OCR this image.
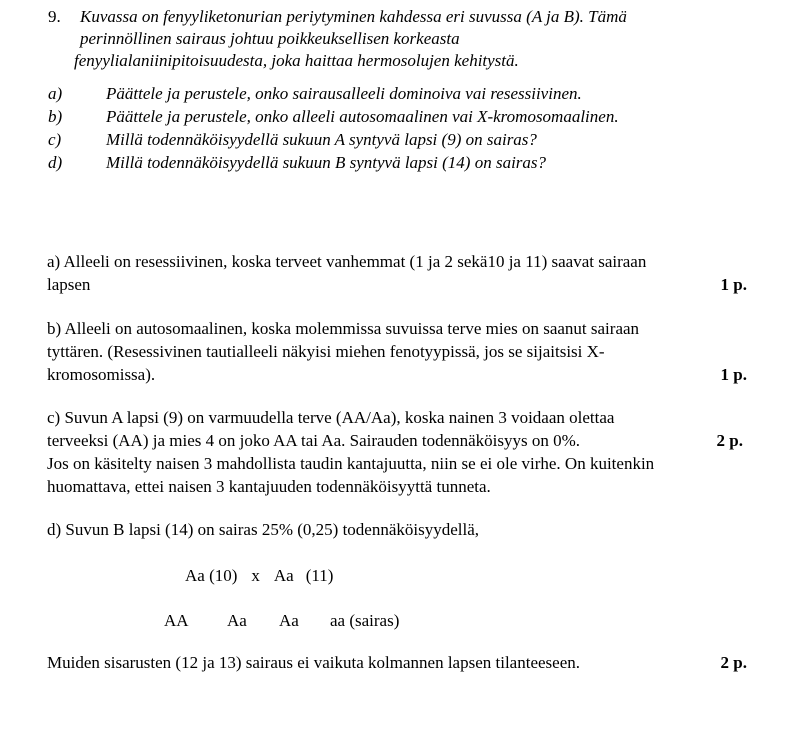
9.	Kuvassa on fenyyliketonurian periytyminen kahdessa eri suvussa (A ja B). Tämä
perinnöllinen sairaus johtuu poikkeuksellisen korkeasta
fenyylialaniinipitoisuudesta, joka haittaa hermosolujen kehitystä.
a)	Päättele ja perustele, onko sairausalleeli dominoiva vai resessiivinen.
b)	Päättele ja perustele, onko alleeli autosomaalinen vai X-kromosomaalinen.
c)	Millä todennäköisyydellä sukuun A syntyvä lapsi (9) on sairas?
d)	Millä todennäköisyydellä sukuun B syntyvä lapsi (14) on sairas?
a) Alleeli on resessiivinen, koska terveet vanhemmat (1 ja 2 sekä10 ja 11) saavat sairaan
lapsen	1 p.
b) Alleeli on autosomaalinen, koska molemmissa suvuissa terve mies on saanut sairaan
tyttären. (Resessivinen tautialleeli näkyisi miehen fenotyypissä, jos se sijaitsisi X-
kromosomissa).	1 p.
c) Suvun A lapsi (9) on varmuudella terve (AA/Aa), koska nainen 3 voidaan olettaa
terveeksi (AA) ja mies 4 on joko AA tai Aa. Sairauden todennäköisyys on 0%.	2 p.
Jos on käsitelty naisen 3 mahdollista taudin kantajuutta, niin se ei ole virhe. On kuitenkin
huomattava, ettei naisen 3 kantajuuden todennäköisyyttä tunneta.
d) Suvun B lapsi (14) on sairas 25% (0,25) todennäköisyydellä,
Aa (10) x Aa (11)
AA Aa Aa aa (sairas)
Muiden sisarusten (12 ja 13) sairaus ei vaikuta kolmannen lapsen tilanteeseen.	2 p.
